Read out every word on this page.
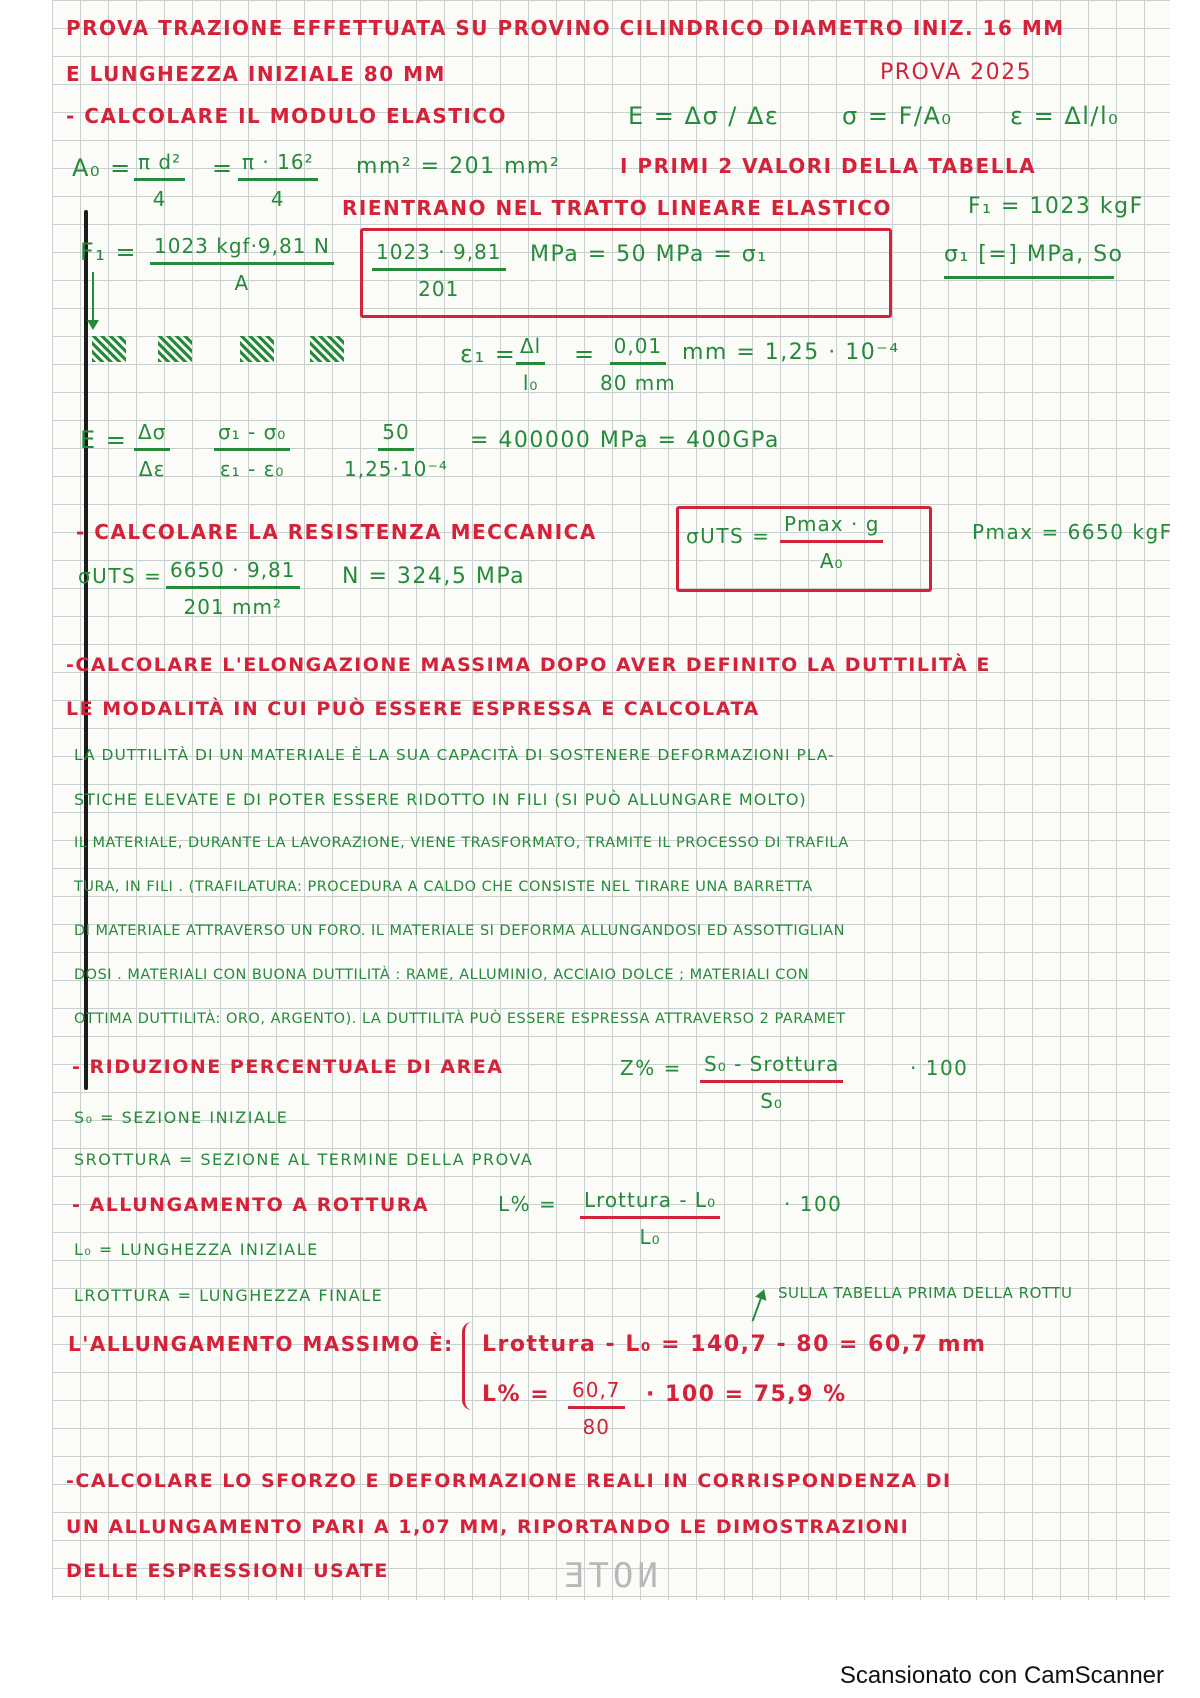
PROVA TRAZIONE EFFETTUATA SU PROVINO CILINDRICO DIAMETRO INIZ. 16 MM
E LUNGHEZZA INIZIALE 80 MM	PROVA 2025
- CALCOLARE IL MODULO ELASTICO	E = Δσ / Δε	σ = F/A₀ ε = Δl/l₀
$A_0 = \frac{\text{π d²}}{4} = \frac{\text{π · 16²}}{4} mm^2 = 201$ mm²	I PRIMI 2 VALORI DELLA TABELLA
RIENTRANO NEL TRATTO LINEARE ELASTICO	F₁ = 1023 kgF
F₁ = 1023 kgf·9,81 N
A	$\frac{1023 \cdot 9,81}{201}$ MPa = 50 MPa = σ₁	σ₁ [=] MPa, So
$\varepsilon_1 = \frac{\Delta l}{\text{l₀}} = \frac{0,01}{80 mm}$ mm = 1,25 · 10⁻⁴
$E = \frac{\Delta\sigma}{\Delta\varepsilon} \frac{\text{σ₁ - σ₀}}{\text{ε₁ - ε₀}}$	$\frac{50}{\text{1,25·10⁻⁴}} = 400000$ MPa = 400GPa
- CALCOLARE LA RESISTENZA MECCANICA	σUTS = Pmax · g
A₀
Pmax = 6650 kgF
$\sigma UTS = \frac{6650 \cdot 9,81}{\text{201 mm²}}$ N = 324,5 MPa
-CALCOLARE L'ELONGAZIONE MASSIMA DOPO AVER DEFINITO LA DUTTILITÀ E
LE MODALITÀ IN CUI PUÒ ESSERE ESPRESSA E CALCOLATA
LA DUTTILITÀ DI UN MATERIALE È LA SUA CAPACITÀ DI SOSTENERE DEFORMAZIONI PLA-
STICHE ELEVATE E DI POTER ESSERE RIDOTTO IN FILI (SI PUÒ ALLUNGARE MOLTO)
IL MATERIALE, DURANTE LA LAVORAZIONE, VIENE TRASFORMATO, TRAMITE IL PROCESSO DI TRAFILA
TURA, IN FILI . (TRAFILATURA: PROCEDURA A CALDO CHE CONSISTE NEL TIRARE UNA BARRETTA
DI MATERIALE ATTRAVERSO UN FORO. IL MATERIALE SI DEFORMA ALLUNGANDOSI ED ASSOTTIGLIAN
DOSI . MATERIALI CON BUONA DUTTILITÀ : RAME, ALLUMINIO, ACCIAIO DOLCE ; MATERIALI CON
OTTIMA DUTTILITÀ: ORO, ARGENTO). LA DUTTILITÀ PUÒ ESSERE ESPRESSA ATTRAVERSO 2 PARAMET
- RIDUZIONE PERCENTUALE DI AREA	Z% = S₀ - Srottura
S₀
· 100
S₀ = SEZIONE INIZIALE
SROTTURA = SEZIONE AL TERMINE DELLA PROVA
- ALLUNGAMENTO A ROTTURA	L% = Lrottura - L₀
L₀
· 100
L₀ = LUNGHEZZA INIZIALE
LROTTURA = LUNGHEZZA FINALE	SULLA TABELLA PRIMA DELLA ROTTU
L'ALLUNGAMENTO MASSIMO È: Lrottura - L₀ = 140,7 - 80 = 60,7 mm
$L\% = \frac{60,7}{80} \cdot 100 = 75,9$ %
-CALCOLARE LO SFORZO E DEFORMAZIONE REALI IN CORRISPONDENZA DI
UN ALLUNGAMENTO PARI A 1,07 MM, RIPORTANDO LE DIMOSTRAZIONI
DELLE ESPRESSIONI USATE	NOTE
Scansionato con CamScanner
